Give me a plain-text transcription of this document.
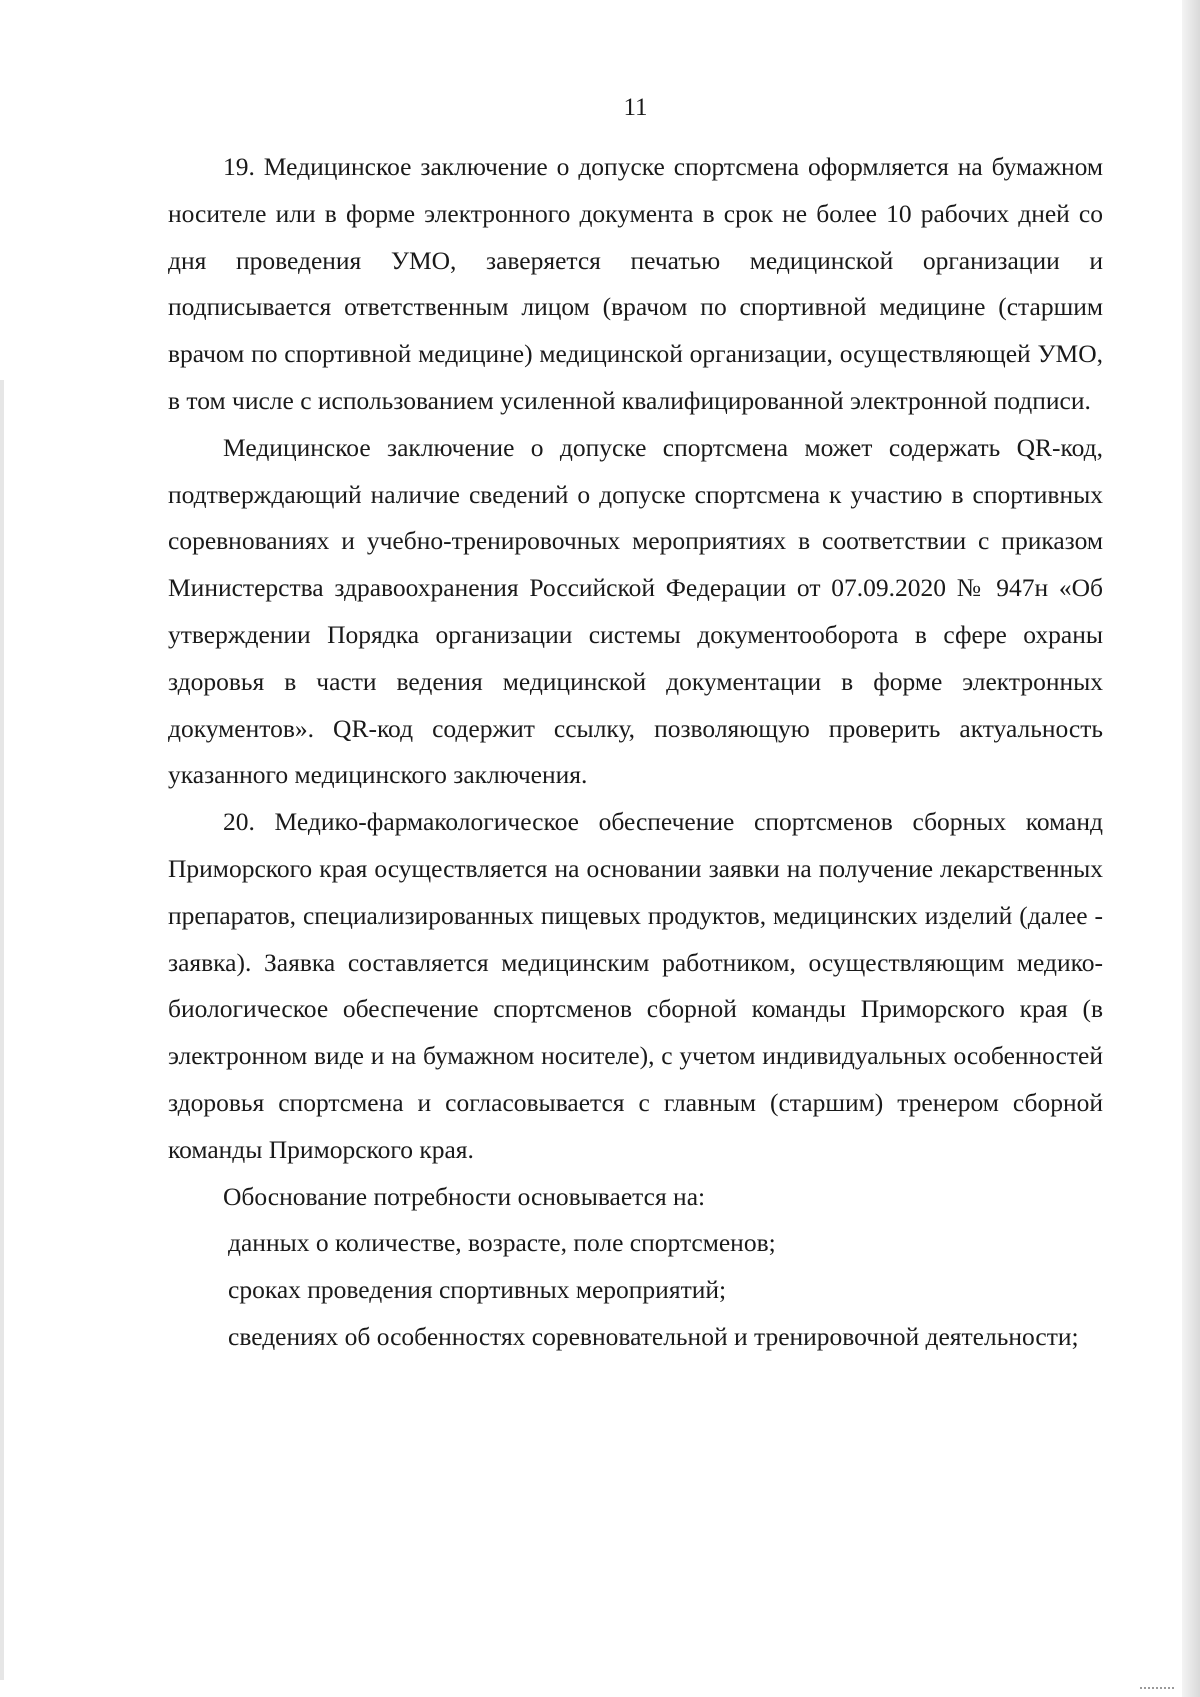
11

19. Медицинское заключение о допуске спортсмена оформляется на бумажном носителе или в форме электронного документа в срок не более 10 рабочих дней со дня проведения УМО, заверяется печатью медицинской организации и подписывается ответственным лицом (врачом по спортивной медицине (старшим врачом по спортивной медицине) медицинской организации, осуществляющей УМО, в том числе с использованием усиленной квалифицированной электронной подписи.

Медицинское заключение о допуске спортсмена может содержать QR-код, подтверждающий наличие сведений о допуске спортсмена к участию в спортивных соревнованиях и учебно-тренировочных мероприятиях в соответствии с приказом Министерства здравоохранения Российской Федерации от 07.09.2020 № 947н «Об утверждении Порядка организации системы документооборота в сфере охраны здоровья в части ведения медицинской документации в форме электронных документов». QR-код содержит ссылку, позволяющую проверить актуальность указанного медицинского заключения.

20. Медико-фармакологическое обеспечение спортсменов сборных команд Приморского края осуществляется на основании заявки на получение лекарственных препаратов, специализированных пищевых продуктов, медицинских изделий (далее - заявка). Заявка составляется медицинским работником, осуществляющим медико-биологическое обеспечение спортсменов сборной команды Приморского края (в электронном виде и на бумажном носителе), с учетом индивидуальных особенностей здоровья спортсмена и согласовывается с главным (старшим) тренером сборной команды Приморского края.

Обоснование потребности основывается на:

данных о количестве, возрасте, поле спортсменов;

сроках проведения спортивных мероприятий;

сведениях об особенностях соревновательной и тренировочной деятельности;
